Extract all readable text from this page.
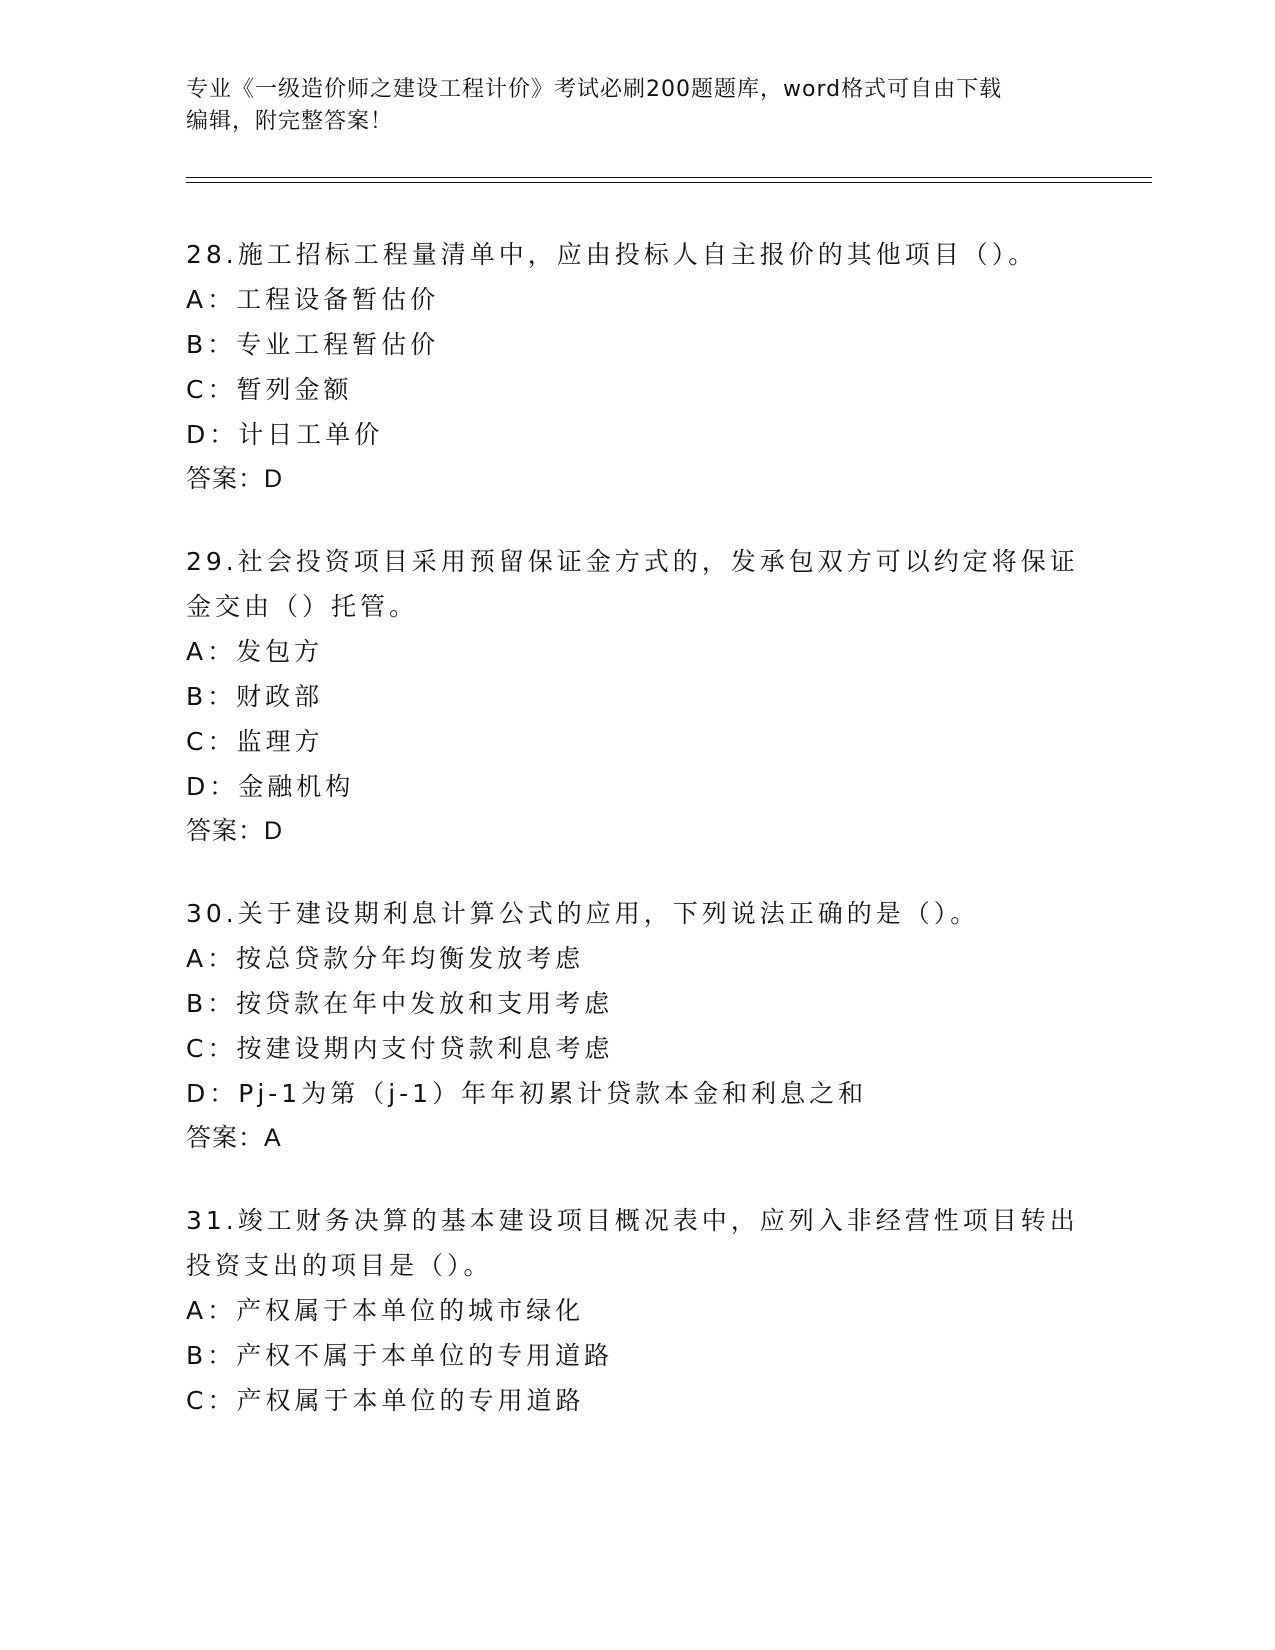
专业《一级造价师之建设工程计价》考试必刷200题题库，word格式可自由下载
编辑，附完整答案！
28.施工招标工程量清单中，应由投标人自主报价的其他项目（）。
A：工程设备暂估价
B：专业工程暂估价
C：暂列金额
D：计日工单价
答案：D
29.社会投资项目采用预留保证金方式的，发承包双方可以约定将保证金交由（）托管。
A：发包方
B：财政部
C：监理方
D：金融机构
答案：D
30.关于建设期利息计算公式的应用，下列说法正确的是（）。
A：按总贷款分年均衡发放考虑
B：按贷款在年中发放和支用考虑
C：按建设期内支付贷款利息考虑
D：Pj-1为第（j-1）年年初累计贷款本金和利息之和
答案：A
31.竣工财务决算的基本建设项目概况表中，应列入非经营性项目转出投资支出的项目是（）。
A：产权属于本单位的城市绿化
B：产权不属于本单位的专用道路
C：产权属于本单位的专用道路
